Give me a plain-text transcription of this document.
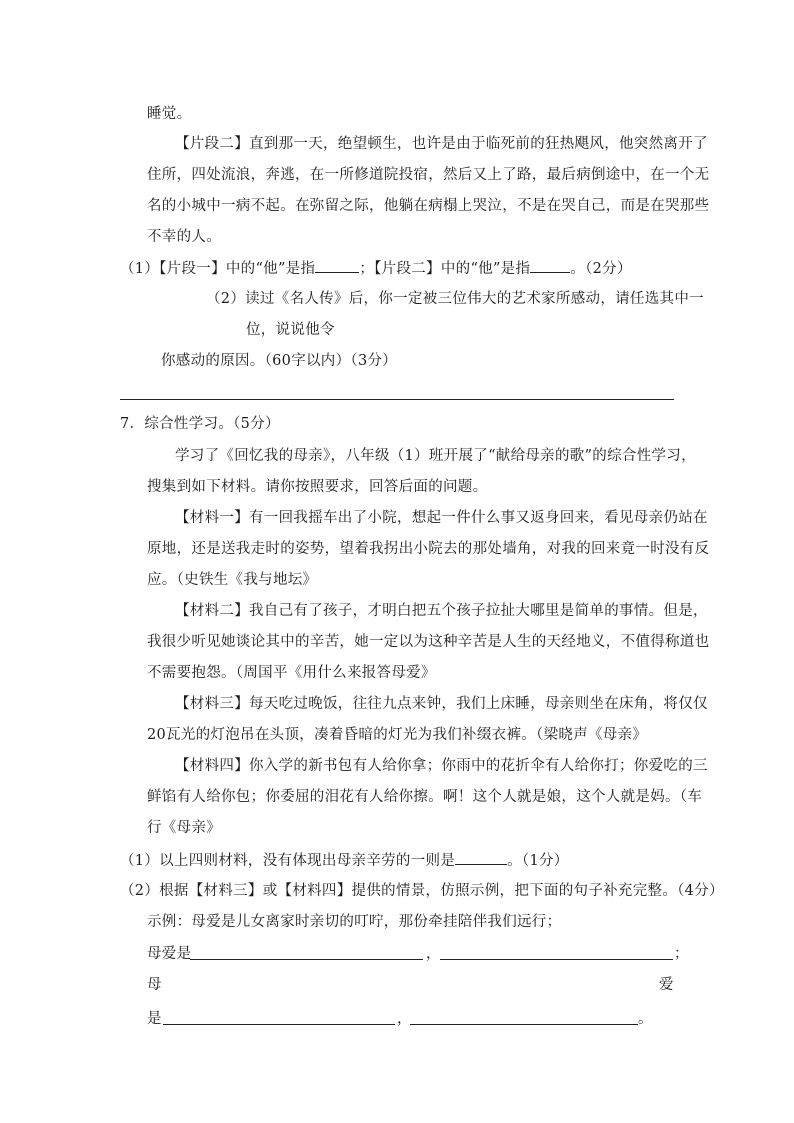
睡觉。
【片段二】直到那一天，绝望顿生，也许是由于临死前的狂热飓风，他突然离开了
住所，四处流浪，奔逃，在一所修道院投宿，然后又上了路，最后病倒途中，在一个无
名的小城中一病不起。在弥留之际，他躺在病榻上哭泣，不是在哭自己，而是在哭那些
不幸的人。
（1）【片段一】中的“他”是指	；【片段二】中的“他”是指	。（2分）
（2）读过《名人传》后，你一定被三位伟大的艺术家所感动，请任选其中一
位，说说他令
你感动的原因。（60字以内）（3分）
7．综合性学习。（5分）
学习了《回忆我的母亲》，八年级（1）班开展了“献给母亲的歌”的综合性学习，
搜集到如下材料。请你按照要求，回答后面的问题。
【材料一】有一回我摇车出了小院，想起一件什么事又返身回来，看见母亲仍站在
原地，还是送我走时的姿势，望着我拐出小院去的那处墙角，对我的回来竟一时没有反
应。（史铁生《我与地坛》
【材料二】我自己有了孩子，才明白把五个孩子拉扯大哪里是简单的事情。但是，
我很少听见她谈论其中的辛苦，她一定以为这种辛苦是人生的天经地义，不值得称道也
不需要抱怨。（周国平《用什么来报答母爱》
【材料三】每天吃过晚饭，往往九点来钟，我们上床睡，母亲则坐在床角，将仅仅
20瓦光的灯泡吊在头顶，凑着昏暗的灯光为我们补缀衣裤。（梁晓声《母亲》
【材料四】你入学的新书包有人给你拿；你雨中的花折伞有人给你打；你爱吃的三
鲜馅有人给你包；你委屈的泪花有人给你擦。啊！这个人就是娘，这个人就是妈。（车
行《母亲》
（1）以上四则材料，没有体现出母亲辛劳的一则是	。（1分）
（2）根据【材料三】或【材料四】提供的情景，仿照示例，把下面的句子补充完整。（4分）
示例：母爱是儿女离家时亲切的叮咛，那份牵挂陪伴我们远行；
母爱是	，	；
母	爱
是	，	。
